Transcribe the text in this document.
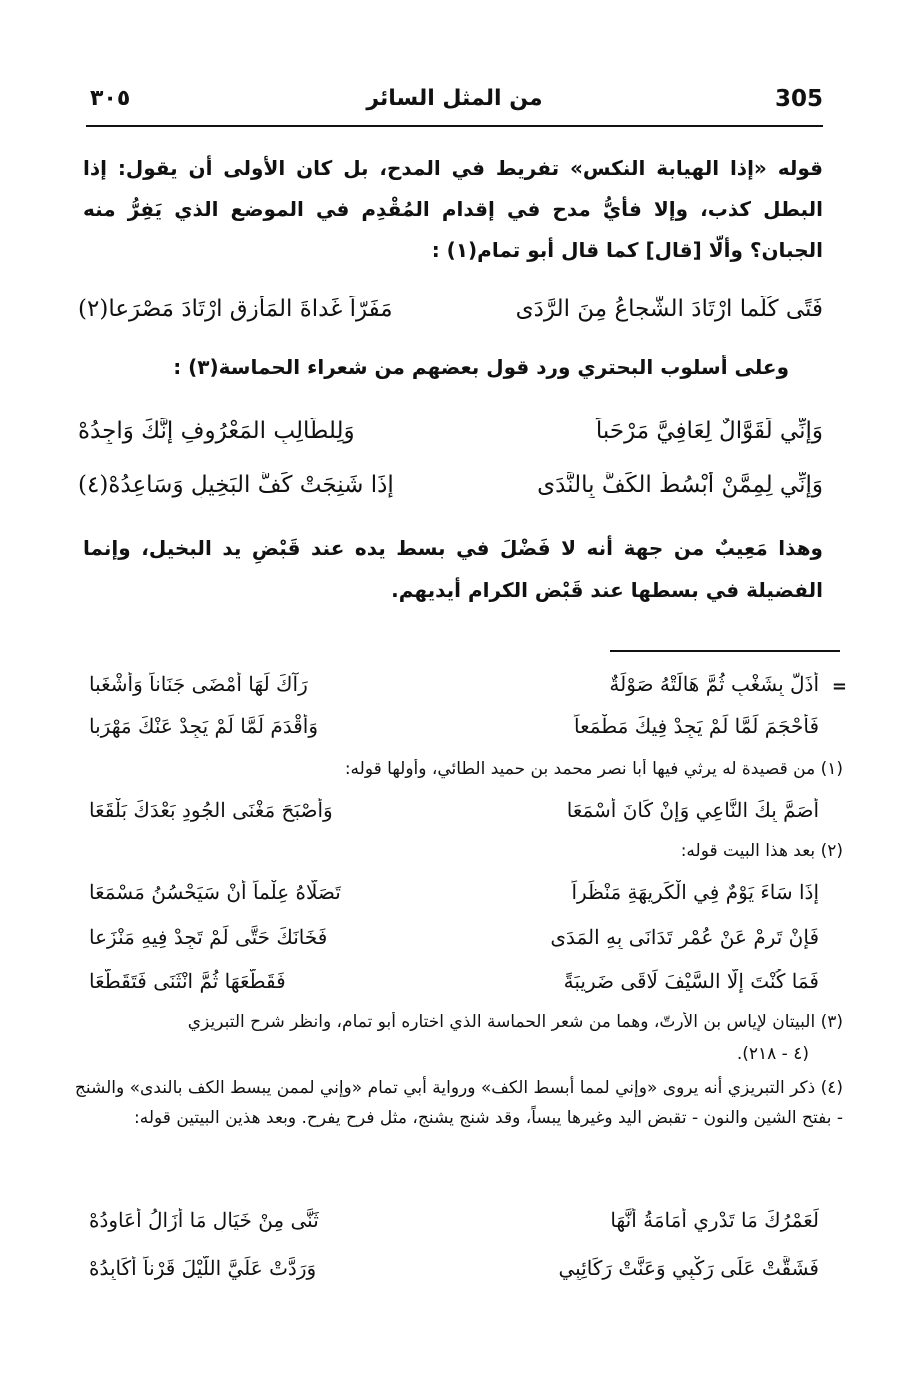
305
من المثل السائر
٣٠٥
قوله «إذا الهيابة النكس» تفريط في المدح، بل كان الأولى أن يقول: إذا البطل كذب، وإلا فأيُّ مدح في إقدام المُقْدِم في الموضع الذي يَفِرُّ منه الجبان؟ وألّا [قال] كما قال أبو تمام(١) :
فَتًى كُلَّما ارْتَادَ الشُّجاعُ مِنَ الرَّدَى
مَفَرّاً غَداةَ المَأْزِقِ ارْتَادَ مَصْرَعا(٢)
وعلى أسلوب البحتري ورد قول بعضهم من شعراء الحماسة(٣) :
وَإِنِّي لَقَوَّالٌ لِعَافِيَّ مَرْحَباً
وَلِلطَّالِبِ المَعْرُوفِ إِنَّكَ وَاجِدُهْ
وَإِنِّي لِمِمَّنْ أَبْسُطُ الكَفَّ بِالنَّدَى
إذَا شَنِجَتْ كَفُّ البَخِيلِ وَسَاعِدُهْ(٤)
وهذا مَعِيبٌ من جهة أنه لا فَضْلَ في بسط يده عند قَبْضِ يد البخيل، وإنما الفضيلة في بسطها عند قَبْض الكرام أيديهم.
=
أَذَلَّ بِشَغْبٍ ثُمَّ هَالَتْهُ صَوْلَةٌ
رَآكَ لَهَا أَمْضَى جَنَاناً وَأَشْغَبا
فَأَحْجَمَ لَمَّا لَمْ يَجِدْ فِيكَ مَطْمَعاً
وَأَقْدَمَ لَمَّا لَمْ يَجِدْ عَنْكَ مَهْرَبا
(١) من قصيدة له يرثي فيها أبا نصر محمد بن حميد الطائي، وأولها قوله:
أَصَمَّ بِكَ النَّاعِي وَإِنْ كَانَ أَسْمَعَا
وَأَصْبَحَ مَغْنَى الجُودِ بَعْدَكَ بَلْقَعَا
(٢) بعد هذا البيت قوله:
إِذَا سَاءَ يَوْمٌ فِي الْكَرِيهَةِ مَنْظَراً
تَصَلَّاهُ عِلْماً أَنْ سَيَحْسُنُ مَسْمَعَا
فَإِنْ تَرِمْ عَنْ عُمْرٍ تَدَانَى بِهِ المَدَى
فَخَانَكَ حَتَّى لَمْ تَجِدْ فِيهِ مَنْزَعا
فَمَا كُنْتَ إِلَّا السَّيْفَ لَاقَى ضَرِيبَةً
فَقَطَّعَهَا ثُمَّ انْثَنَى فَتَقَطَّعَا
(٣) البيتان لإياس بن الأرتّ، وهما من شعر الحماسة الذي اختاره أبو تمام، وانظر شرح التبريزي
(٤ - ٢١٨).
(٤) ذكر التبريزي أنه يروى «وإني لمما أبسط الكف» ورواية أبي تمام «وإني لممن يبسط الكف بالندى» والشنج - بفتح الشين والنون - تقبض اليد وغيرها يبساً، وقد شنج يشنج، مثل فرح يفرح. وبعد هذين البيتين قوله:
لَعَمْرُكَ مَا تَدْرِي أُمَامَةُ أَنَّهَا
ثَنَّى مِنْ خَيَالٍ مَا أَزَالُ أُعَاوِدُهْ
فَشَقَّتْ عَلَى رَكْبِي وَعَنَّتْ رَكَائِبِي
وَرَدَّتْ عَلَيَّ اللَّيْلَ قَرْناً أُكَابِدُهْ
